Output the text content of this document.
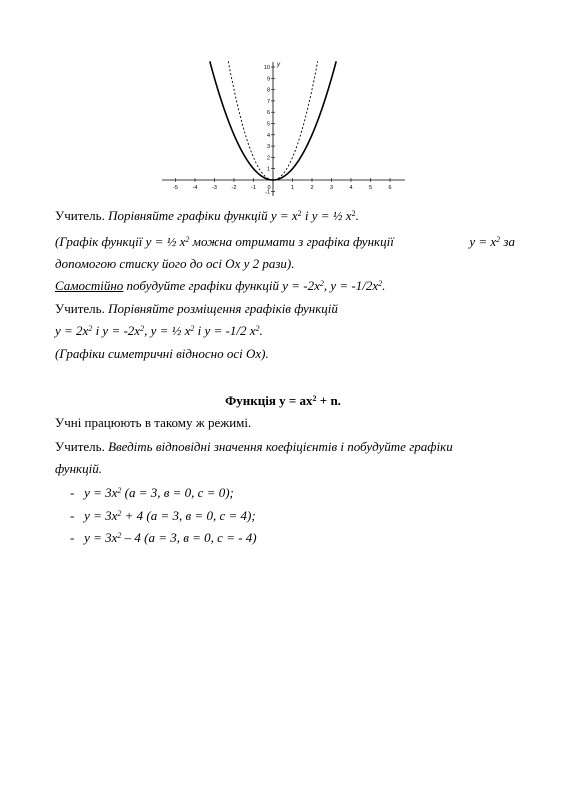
-5	-4	-3	-2	-1 0	1	2	3	4	5	6
10
9
8
7
6
5
4
3
2
1
-1
y
Учитель. Порівняйте графіки функцій $y = x^2$ і y = ½ $x^2$.
(Графік функції y = ½ $x^2$ можна отримати з графіка функції	$y = x^2$ за
допомогою стиску його до осі Ox у 2 рази).
Самостійно побудуйте графіки функцій $y = -2x^2$, $y = -1/2x^2$.
Учитель. Порівняйте розміщення графіків функцій
$y = 2x^2$ і $y = -2x^2$, y = ½ $x^2$ і y = -1/2 $x^2$.
(Графіки симетричні відносно осі Ox).
Функція $y = ax^2 + n$.
Учні працюють в такому ж режимі.
Учитель. Введіть відповідні значення коефіцієнтів і побудуйте графіки
функцій.
- $y = 3x^2$ (a = 3, в = 0, c = 0);
- $y = 3x^2 + 4$ (a = 3, в = 0, c = 4);
- $y = 3x^2 - 4$ (a = 3, в = 0, c = - 4)
